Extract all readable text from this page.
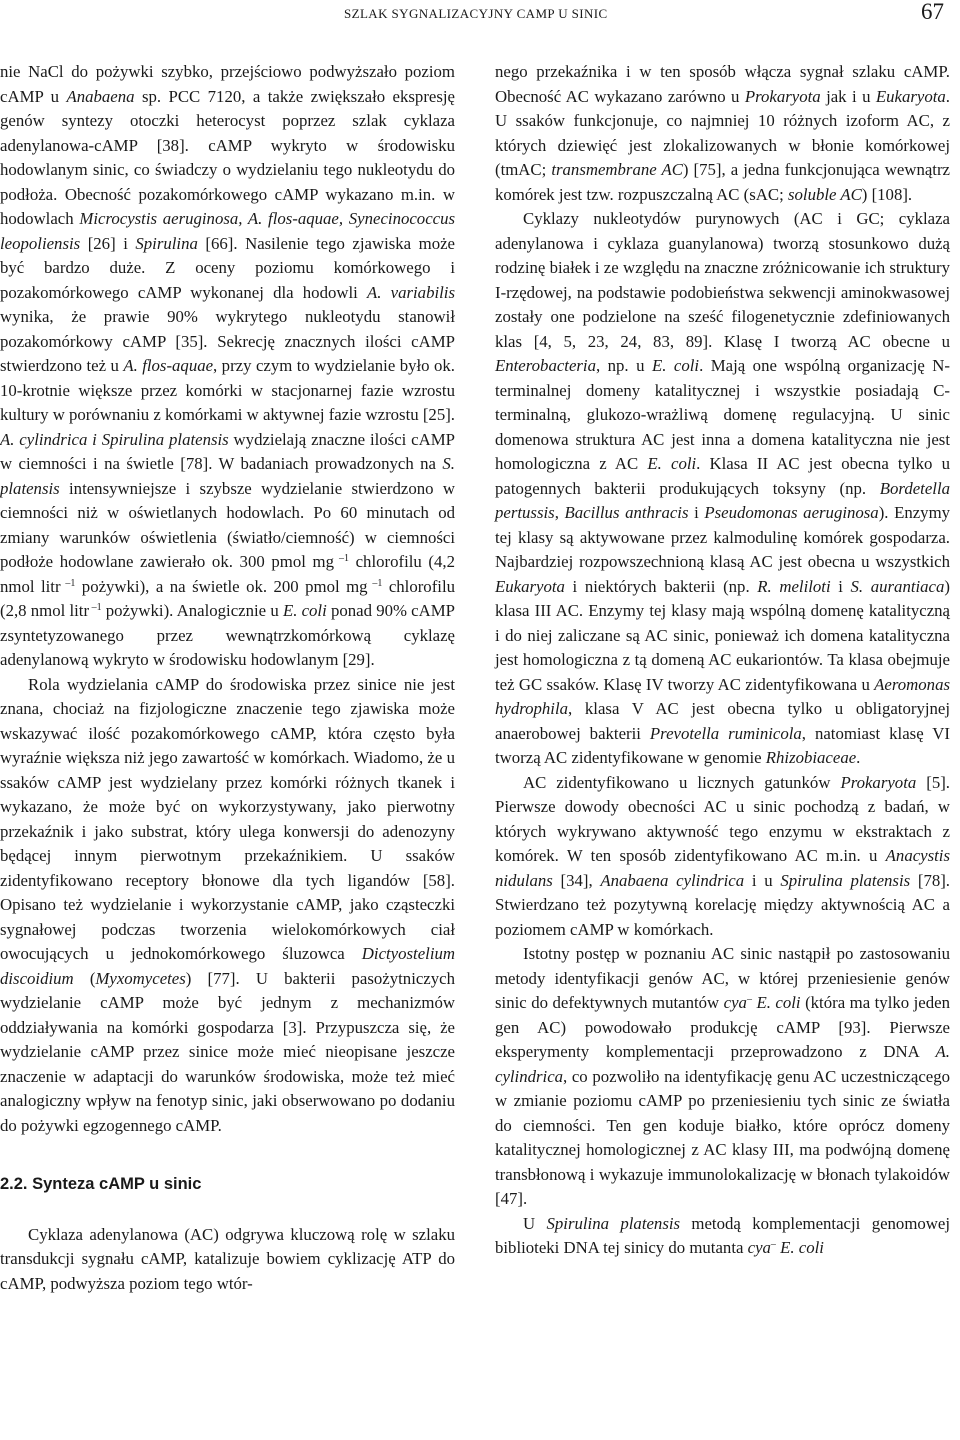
SZLAK SYGNALIZACYJNY CAMP U SINIC	67

nie NaCl do pożywki szybko, przejściowo podwyższało poziom cAMP u Anabaena sp. PCC 7120, a także zwiększało ekspresję genów syntezy otoczki heterocyst poprzez szlak cyklaza adenylanowa-cAMP [38]. cAMP wykryto w środowisku hodowlanym sinic, co świadczy o wydzielaniu tego nukleotydu do podłoża. Obecność pozakomórkowego cAMP wykazano m.in. w hodowlach Microcystis aeruginosa, A. flos-aquae, Synecinococcus leopoliensis [26] i Spirulina [66]. Nasilenie tego zjawiska może być bardzo duże. Z oceny poziomu komórkowego i pozakomórkowego cAMP wykonanej dla hodowli A. variabilis wynika, że prawie 90% wykrytego nukleotydu stanowił pozakomórkowy cAMP [35]. Sekrecję znacznych ilości cAMP stwierdzono też u A. flos-aquae, przy czym to wydzielanie było ok. 10-krotnie większe przez komórki w stacjonarnej fazie wzrostu kultury w porównaniu z komórkami w aktywnej fazie wzrostu [25]. A. cylindrica i Spirulina platensis wydzielają znaczne ilości cAMP w ciemności i na świetle [78]. W badaniach prowadzonych na S. platensis intensywniejsze i szybsze wydzielanie stwierdzono w ciemności niż w oświetlanych hodowlach. Po 60 minutach od zmiany warunków oświetlenia (światło/ciemność) w ciemności podłoże hodowlane zawierało ok. 300 pmol mg $^{-1}$ chlorofilu (4,2 nmol litr $^{-1}$ pożywki), a na świetle ok. 200 pmol mg $^{-1}$ chlorofilu (2,8 nmol litr $^{-1}$ pożywki). Analogicznie u E. coli ponad 90% cAMP zsyntetyzowanego przez wewnątrzkomórkową cyklazę adenylanową wykryto w środowisku hodowlanym [29].

Rola wydzielania cAMP do środowiska przez sinice nie jest znana, chociaż na fizjologiczne znaczenie tego zjawiska może wskazywać ilość pozakomórkowego cAMP, która często była wyraźnie większa niż jego zawartość w komórkach. Wiadomo, że u ssaków cAMP jest wydzielany przez komórki różnych tkanek i wykazano, że może być on wykorzystywany, jako pierwotny przekaźnik i jako substrat, który ulega konwersji do adenozyny będącej innym pierwotnym przekaźnikiem. U ssaków zidentyfikowano receptory błonowe dla tych ligandów [58]. Opisano też wydzielanie i wykorzystanie cAMP, jako cząsteczki sygnałowej podczas tworzenia wielokomórkowych ciał owocujących u jednokomórkowego śluzowca Dictyostelium discoidium (Myxomycetes) [77]. U bakterii pasożytniczych wydzielanie cAMP może być jednym z mechanizmów oddziaływania na komórki gospodarza [3]. Przypuszcza się, że wydzielanie cAMP przez sinice może mieć nieopisane jeszcze znaczenie w adaptacji do warunków środowiska, może też mieć analogiczny wpływ na fenotyp sinic, jaki obserwowano po dodaniu do pożywki egzogennego cAMP.

2.2. Synteza cAMP u sinic

Cyklaza adenylanowa (AC) odgrywa kluczową rolę w szlaku transdukcji sygnału cAMP, katalizuje bowiem cyklizację ATP do cAMP, podwyższa poziom tego wtór-

nego przekaźnika i w ten sposób włącza sygnał szlaku cAMP. Obecność AC wykazano zarówno u Prokaryota jak i u Eukaryota. U ssaków funkcjonuje, co najmniej 10 różnych izoform AC, z których dziewięć jest zlokalizowanych w błonie komórkowej (tmAC; transmembrane AC) [75], a jedna funkcjonująca wewnątrz komórek jest tzw. rozpuszczalną AC (sAC; soluble AC) [108].

Cyklazy nukleotydów purynowych (AC i GC; cyklaza adenylanowa i cyklaza guanylanowa) tworzą stosunkowo dużą rodzinę białek i ze względu na znaczne zróżnicowanie ich struktury I-rzędowej, na podstawie podobieństwa sekwencji aminokwasowej zostały one podzielone na sześć filogenetycznie zdefiniowanych klas [4, 5, 23, 24, 83, 89]. Klasę I tworzą AC obecne u Enterobacteria, np. u E. coli. Mają one wspólną organizację N-terminalnej domeny katalitycznej i wszystkie posiadają C-terminalną, glukozo-wrażliwą domenę regulacyjną. U sinic domenowa struktura AC jest inna a domena katalityczna nie jest homologiczna z AC E. coli. Klasa II AC jest obecna tylko u patogennych bakterii produkujących toksyny (np. Bordetella pertussis, Bacillus anthracis i Pseudomonas aeruginosa). Enzymy tej klasy są aktywowane przez kalmodulinę komórek gospodarza. Najbardziej rozpowszechnioną klasą AC jest obecna u wszystkich Eukaryota i niektórych bakterii (np. R. meliloti i S. aurantiaca) klasa III AC. Enzymy tej klasy mają wspólną domenę katalityczną i do niej zaliczane są AC sinic, ponieważ ich domena katalityczna jest homologiczna z tą domeną AC eukariontów. Ta klasa obejmuje też GC ssaków. Klasę IV tworzy AC zidentyfikowana u Aeromonas hydrophila, klasa V AC jest obecna tylko u obligatoryjnej anaerobowej bakterii Prevotella ruminicola, natomiast klasę VI tworzą AC zidentyfikowane w genomie Rhizobiaceae.

AC zidentyfikowano u licznych gatunków Prokaryota [5]. Pierwsze dowody obecności AC u sinic pochodzą z badań, w których wykrywano aktywność tego enzymu w ekstraktach z komórek. W ten sposób zidentyfikowano AC m.in. u Anacystis nidulans [34], Anabaena cylindrica i u Spirulina platensis [78]. Stwierdzano też pozytywną korelację między aktywnością AC a poziomem cAMP w komórkach.

Istotny postęp w poznaniu AC sinic nastąpił po zastosowaniu metody identyfikacji genów AC, w której przeniesienie genów sinic do defektywnych mutantów cya– E. coli (która ma tylko jeden gen AC) powodowało produkcję cAMP [93]. Pierwsze eksperymenty komplementacji przeprowadzono z DNA A. cylindrica, co pozwoliło na identyfikację genu AC uczestniczącego w zmianie poziomu cAMP po przeniesieniu tych sinic ze światła do ciemności. Ten gen koduje białko, które oprócz domeny katalitycznej homologicznej z AC klasy III, ma podwójną domenę transbłonową i wykazuje immunolokalizację w błonach tylakoidów [47].

U Spirulina platensis metodą komplementacji genomowej biblioteki DNA tej sinicy do mutanta cya– E. coli
